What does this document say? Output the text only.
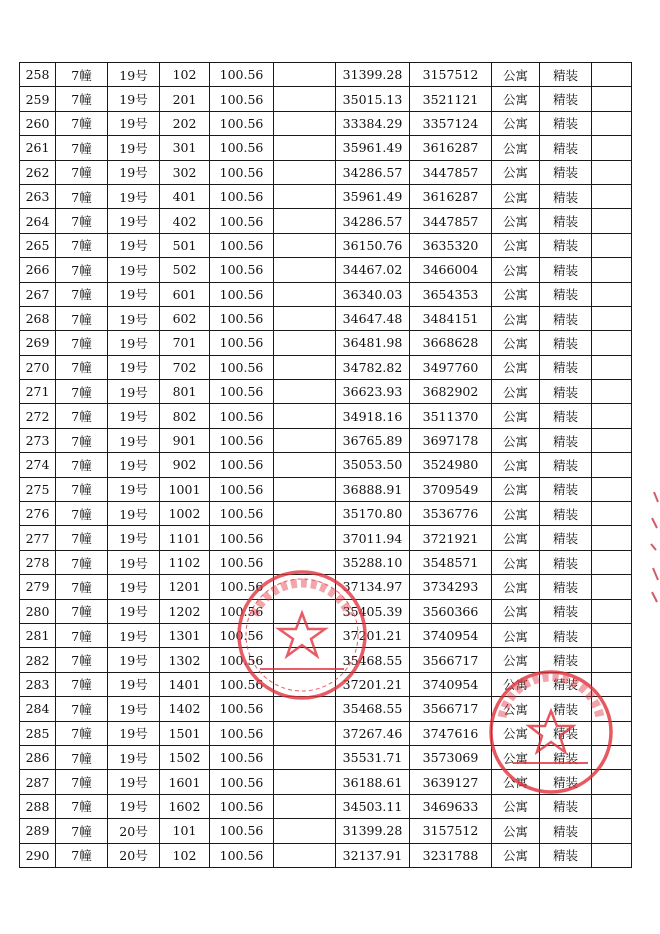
258	7幢	19号	102	100.56		31399.28	3157512	公寓	精装	
259	7幢	19号	201	100.56		35015.13	3521121	公寓	精装	
260	7幢	19号	202	100.56		33384.29	3357124	公寓	精装	
261	7幢	19号	301	100.56		35961.49	3616287	公寓	精装	
262	7幢	19号	302	100.56		34286.57	3447857	公寓	精装	
263	7幢	19号	401	100.56		35961.49	3616287	公寓	精装	
264	7幢	19号	402	100.56		34286.57	3447857	公寓	精装	
265	7幢	19号	501	100.56		36150.76	3635320	公寓	精装	
266	7幢	19号	502	100.56		34467.02	3466004	公寓	精装	
267	7幢	19号	601	100.56		36340.03	3654353	公寓	精装	
268	7幢	19号	602	100.56		34647.48	3484151	公寓	精装	
269	7幢	19号	701	100.56		36481.98	3668628	公寓	精装	
270	7幢	19号	702	100.56		34782.82	3497760	公寓	精装	
271	7幢	19号	801	100.56		36623.93	3682902	公寓	精装	
272	7幢	19号	802	100.56		34918.16	3511370	公寓	精装	
273	7幢	19号	901	100.56		36765.89	3697178	公寓	精装	
274	7幢	19号	902	100.56		35053.50	3524980	公寓	精装	
275	7幢	19号	1001	100.56		36888.91	3709549	公寓	精装	
276	7幢	19号	1002	100.56		35170.80	3536776	公寓	精装	
277	7幢	19号	1101	100.56		37011.94	3721921	公寓	精装	
278	7幢	19号	1102	100.56		35288.10	3548571	公寓	精装	
279	7幢	19号	1201	100.56		37134.97	3734293	公寓	精装	
280	7幢	19号	1202	100.56		35405.39	3560366	公寓	精装	
281	7幢	19号	1301	100.56		37201.21	3740954	公寓	精装	
282	7幢	19号	1302	100.56		35468.55	3566717	公寓	精装	
283	7幢	19号	1401	100.56		37201.21	3740954	公寓	精装	
284	7幢	19号	1402	100.56		35468.55	3566717	公寓	精装	
285	7幢	19号	1501	100.56		37267.46	3747616	公寓	精装	
286	7幢	19号	1502	100.56		35531.71	3573069	公寓	精装	
287	7幢	19号	1601	100.56		36188.61	3639127	公寓	精装	
288	7幢	19号	1602	100.56		34503.11	3469633	公寓	精装	
289	7幢	20号	101	100.56		31399.28	3157512	公寓	精装	
290	7幢	20号	102	100.56		32137.91	3231788	公寓	精装	
